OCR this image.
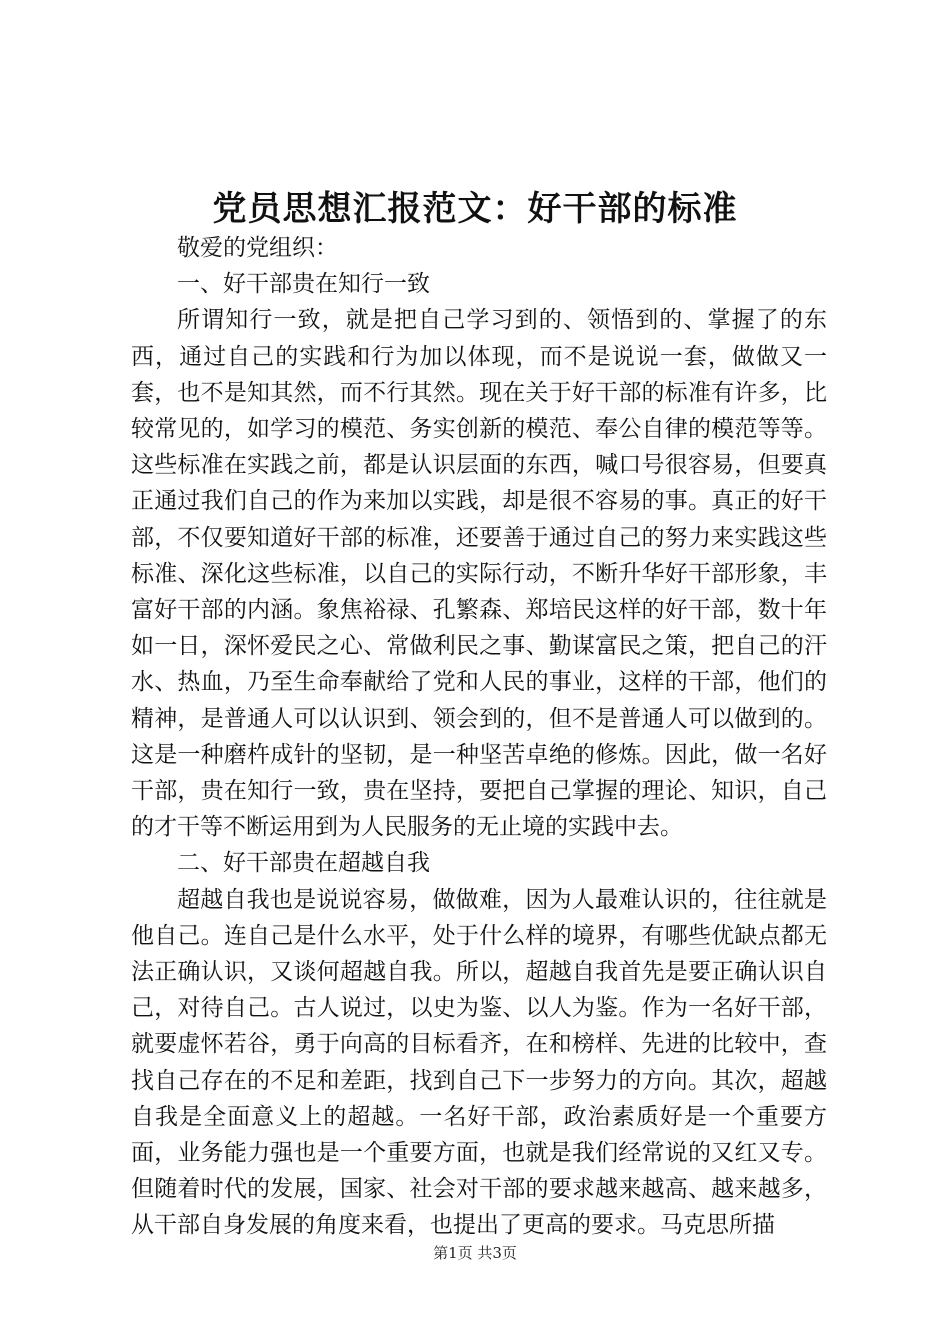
党员思想汇报范文：好干部的标准

敬爱的党组织：

一、好干部贵在知行一致

所谓知行一致，就是把自己学习到的、领悟到的、掌握了的东西，通过自己的实践和行为加以体现，而不是说说一套，做做又一套，也不是知其然，而不行其然。现在关于好干部的标准有许多，比较常见的，如学习的模范、务实创新的模范、奉公自律的模范等等。这些标准在实践之前，都是认识层面的东西，喊口号很容易，但要真正通过我们自己的作为来加以实践，却是很不容易的事。真正的好干部，不仅要知道好干部的标准，还要善于通过自己的努力来实践这些标准、深化这些标准，以自己的实际行动，不断升华好干部形象，丰富好干部的内涵。象焦裕禄、孔繁森、郑培民这样的好干部，数十年如一日，深怀爱民之心、常做利民之事、勤谋富民之策，把自己的汗水、热血，乃至生命奉献给了党和人民的事业，这样的干部，他们的精神，是普通人可以认识到、领会到的，但不是普通人可以做到的。这是一种磨杵成针的坚韧，是一种坚苦卓绝的修炼。因此，做一名好干部，贵在知行一致，贵在坚持，要把自己掌握的理论、知识，自己的才干等不断运用到为人民服务的无止境的实践中去。

二、好干部贵在超越自我

超越自我也是说说容易，做做难，因为人最难认识的，往往就是他自己。连自己是什么水平，处于什么样的境界，有哪些优缺点都无法正确认识，又谈何超越自我。所以，超越自我首先是要正确认识自己，对待自己。古人说过，以史为鉴、以人为鉴。作为一名好干部，就要虚怀若谷，勇于向高的目标看齐，在和榜样、先进的比较中，查找自己存在的不足和差距，找到自己下一步努力的方向。其次，超越自我是全面意义上的超越。一名好干部，政治素质好是一个重要方面，业务能力强也是一个重要方面，也就是我们经常说的又红又专。但随着时代的发展，国家、社会对干部的要求越来越高、越来越多，从干部自身发展的角度来看，也提出了更高的要求。马克思所描

第1页 共3页
